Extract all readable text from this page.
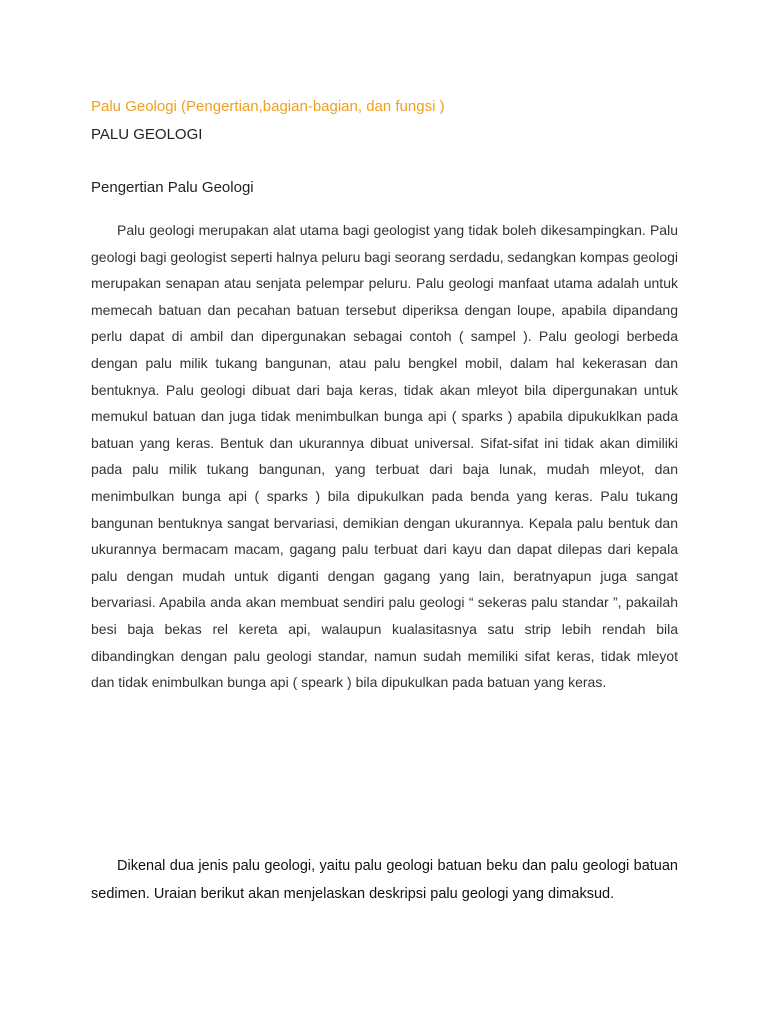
Palu Geologi (Pengertian,bagian-bagian, dan fungsi )
PALU GEOLOGI
Pengertian Palu Geologi

Palu geologi merupakan alat utama bagi geologist yang tidak boleh dikesampingkan. Palu geologi bagi geologist seperti halnya peluru bagi seorang serdadu, sedangkan kompas geologi merupakan senapan atau senjata pelempar peluru. Palu geologi manfaat utama adalah untuk memecah batuan dan pecahan batuan tersebut diperiksa dengan loupe, apabila dipandang perlu dapat di ambil dan dipergunakan sebagai contoh ( sampel ). Palu geologi berbeda dengan palu milik tukang bangunan, atau palu bengkel mobil, dalam hal kekerasan dan bentuknya. Palu geologi dibuat dari baja keras, tidak akan mleyot bila dipergunakan untuk memukul batuan dan juga tidak menimbulkan bunga api ( sparks ) apabila dipukuklkan pada batuan yang keras. Bentuk dan ukurannya dibuat universal. Sifat-sifat ini tidak akan dimiliki pada palu milik tukang bangunan, yang terbuat dari baja lunak, mudah mleyot, dan menimbulkan bunga api ( sparks ) bila dipukulkan pada benda yang keras. Palu tukang bangunan bentuknya sangat bervariasi, demikian dengan ukurannya. Kepala palu bentuk dan ukurannya bermacam macam, gagang palu terbuat dari kayu dan dapat dilepas dari kepala palu dengan mudah untuk diganti dengan gagang yang lain, beratnyapun juga sangat bervariasi. Apabila anda akan membuat sendiri palu geologi “ sekeras palu standar ”, pakailah besi baja bekas rel kereta api, walaupun kualasitasnya satu strip lebih rendah bila dibandingkan dengan palu geologi standar, namun sudah memiliki sifat keras, tidak mleyot dan tidak enimbulkan bunga api ( speark ) bila dipukulkan pada batuan yang keras.

Dikenal dua jenis palu geologi, yaitu palu geologi batuan beku dan palu geologi batuan sedimen. Uraian berikut akan menjelaskan deskripsi palu geologi yang dimaksud.
